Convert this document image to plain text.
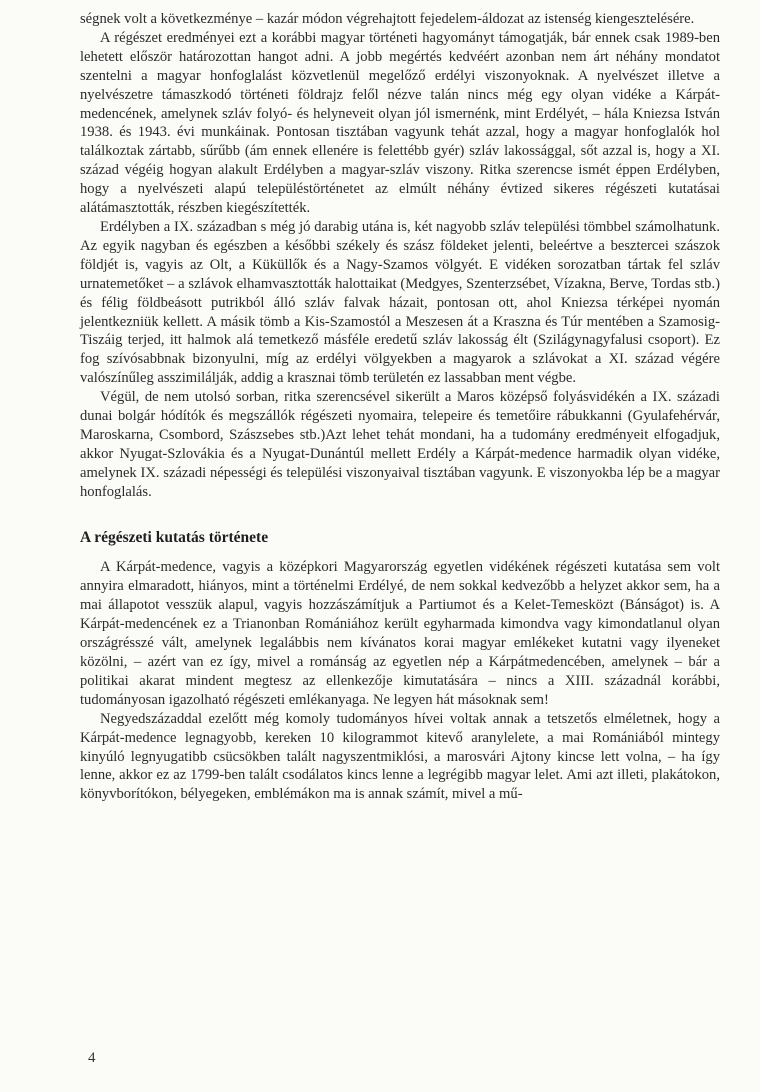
ségnek volt a következménye – kazár módon végrehajtott fejedelem-áldozat az istenség kiengesztelésére.

A régészet eredményei ezt a korábbi magyar történeti hagyományt támogatják, bár ennek csak 1989-ben lehetett először határozottan hangot adni. A jobb megértés kedvéért azonban nem árt néhány mondatot szentelni a magyar honfoglalást közvetlenül megelőző erdélyi viszonyoknak. A nyelvészet illetve a nyelvészetre támaszkodó történeti földrajz felől nézve talán nincs még egy olyan vidéke a Kárpát-medencének, amelynek szláv folyó- és helyneveit olyan jól ismernénk, mint Erdélyét, – hála Kniezsa István 1938. és 1943. évi munkáinak. Pontosan tisztában vagyunk tehát azzal, hogy a magyar honfoglalók hol találkoztak zártabb, sűrűbb (ám ennek ellenére is felettébb gyér) szláv lakossággal, sőt azzal is, hogy a XI. század végéig hogyan alakult Erdélyben a magyar-szláv viszony. Ritka szerencse ismét éppen Erdélyben, hogy a nyelvészeti alapú településtörténetet az elmúlt néhány évtized sikeres régészeti kutatásai alátámasztották, részben kiegészítették.

Erdélyben a IX. században s még jó darabig utána is, két nagyobb szláv települési tömbbel számolhatunk. Az egyik nagyban és egészben a későbbi székely és szász földeket jelenti, beleértve a besztercei szászok földjét is, vagyis az Olt, a Küküllők és a Nagy-Szamos völgyét. E vidéken sorozatban tártak fel szláv urnatemetőket – a szlávok elhamvasztották halottaikat (Medgyes, Szenterzsébet, Vízakna, Berve, Tordas stb.) és félig földbeásott putrikból álló szláv falvak házait, pontosan ott, ahol Kniezsa térképei nyomán jelentkezniük kellett. A másik tömb a Kis-Szamostól a Meszesen át a Kraszna és Túr mentében a Szamosig-Tiszáig terjed, itt halmok alá temetkező másféle eredetű szláv lakosság élt (Szilágynagyfalusi csoport). Ez fog szívósabbnak bizonyulni, míg az erdélyi völgyekben a magyarok a szlávokat a XI. század végére valószínűleg asszimilálják, addig a krasznai tömb területén ez lassabban ment végbe.

Végül, de nem utolsó sorban, ritka szerencsével sikerült a Maros középső folyásvidékén a IX. századi dunai bolgár hódítók és megszállók régészeti nyomaira, telepeire és temetőire rábukkanni (Gyulafehérvár, Maroskarna, Csombord, Szászsebes stb.)Azt lehet tehát mondani, ha a tudomány eredményeit elfogadjuk, akkor Nyugat-Szlovákia és a Nyugat-Dunántúl mellett Erdély a Kárpát-medence harmadik olyan vidéke, amelynek IX. századi népességi és települési viszonyaival tisztában vagyunk. E viszonyokba lép be a magyar honfoglalás.

A régészeti kutatás története

A Kárpát-medence, vagyis a középkori Magyarország egyetlen vidékének régészeti kutatása sem volt annyira elmaradott, hiányos, mint a történelmi Erdélyé, de nem sokkal kedvezőbb a helyzet akkor sem, ha a mai állapotot vesszük alapul, vagyis hozzászámítjuk a Partiumot és a Kelet-Temesközt (Bánságot) is. A Kárpát-medencének ez a Trianonban Romániához került egyharmada kimondva vagy kimondatlanul olyan országrésszé vált, amelynek legalábbis nem kívánatos korai magyar emlékeket kutatni vagy ilyeneket közölni, – azért van ez így, mivel a románság az egyetlen nép a Kárpátmedencében, amelynek – bár a politikai akarat mindent megtesz az ellenkezője kimutatására – nincs a XIII. századnál korábbi, tudományosan igazolható régészeti emlékanyaga. Ne legyen hát másoknak sem!

Negyedszázaddal ezelőtt még komoly tudományos hívei voltak annak a tetszetős elméletnek, hogy a Kárpát-medence legnagyobb, kereken 10 kilogrammot kitevő aranylelete, a mai Romániából mintegy kinyúló legnyugatibb csücsökben talált nagyszentmiklósi, a marosvári Ajtony kincse lett volna, – ha így lenne, akkor ez az 1799-ben talált csodálatos kincs lenne a legrégibb magyar lelet. Ami azt illeti, plakátokon, könyvborítókon, bélyegeken, emblémákon ma is annak számít, mivel a mű-

4
